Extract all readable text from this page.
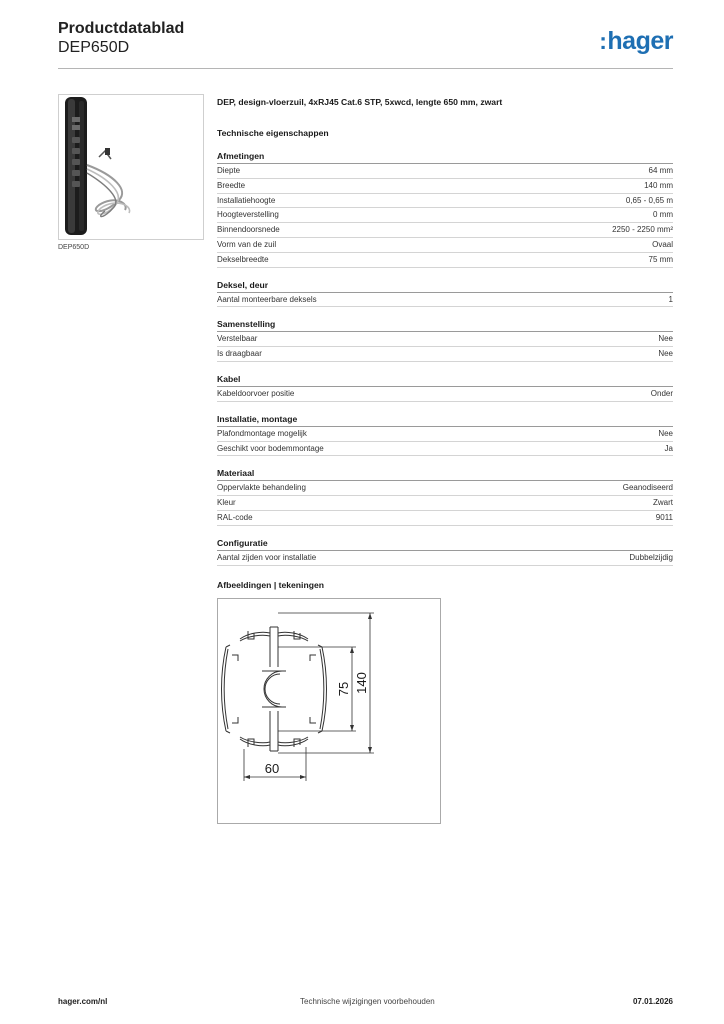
Productdatablad
DEP650D	:hager
DEP650D
DEP, design-vloerzuil, 4xRJ45 Cat.6 STP, 5xwcd, lengte 650 mm, zwart
Technische eigenschappen
Afmetingen
Diepte	64 mm
Breedte	140 mm
Installatiehoogte	0,65 - 0,65 m
Hoogteverstelling	0 mm
Binnendoorsnede	2250 - 2250 mm²
Vorm van de zuil	Ovaal
Dekselbreedte	75 mm
Deksel, deur
Aantal monteerbare deksels	1
Samenstelling
Verstelbaar	Nee
Is draagbaar	Nee
Kabel
Kabeldoorvoer positie	Onder
Installatie, montage
Plafondmontage mogelijk	Nee
Geschikt voor bodemmontage	Ja
Materiaal
Oppervlakte behandeling	Geanodiseerd
Kleur	Zwart
RAL-code	9011
Configuratie
Aantal zijden voor installatie	Dubbelzijdig
Afbeeldingen | tekeningen
75 140
60
hager.com/nl	Technische wijzigingen voorbehouden	07.01.2026
